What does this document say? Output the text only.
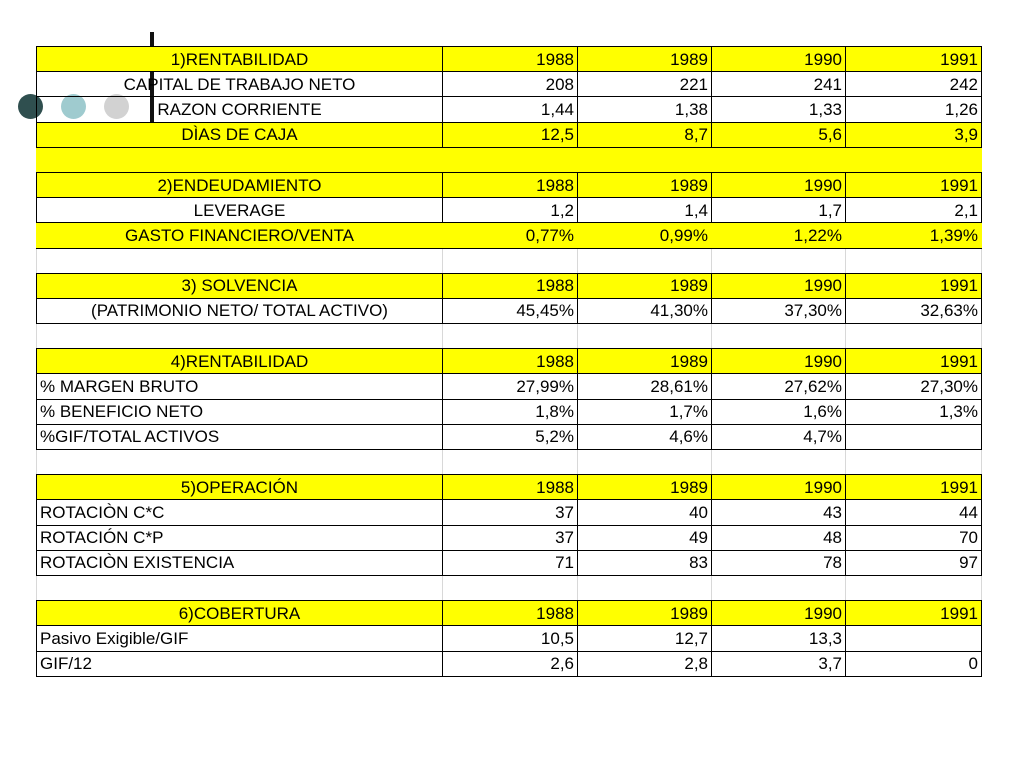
1)RENTABILIDAD	1988	1989	1990	1991
CAPITAL DE TRABAJO NETO	208	221	241	242
RAZON CORRIENTE	1,44	1,38	1,33	1,26
DÌAS DE CAJA	12,5	8,7	5,6	3,9

2)ENDEUDAMIENTO	1988	1989	1990	1991
LEVERAGE	1,2	1,4	1,7	2,1
GASTO FINANCIERO/VENTA	0,77%	0,99%	1,22%	1,39%

3) SOLVENCIA	1988	1989	1990	1991
(PATRIMONIO NETO/ TOTAL ACTIVO)	45,45%	41,30%	37,30%	32,63%

4)RENTABILIDAD	1988	1989	1990	1991
% MARGEN BRUTO	27,99%	28,61%	27,62%	27,30%
% BENEFICIO NETO	1,8%	1,7%	1,6%	1,3%
%GIF/TOTAL ACTIVOS	5,2%	4,6%	4,7%	

5)OPERACIÓN	1988	1989	1990	1991
ROTACIÒN C*C	37	40	43	44
ROTACIÓN C*P	37	49	48	70
ROTACIÒN EXISTENCIA	71	83	78	97

6)COBERTURA	1988	1989	1990	1991
Pasivo Exigible/GIF	10,5	12,7	13,3	
GIF/12	2,6	2,8	3,7	0
